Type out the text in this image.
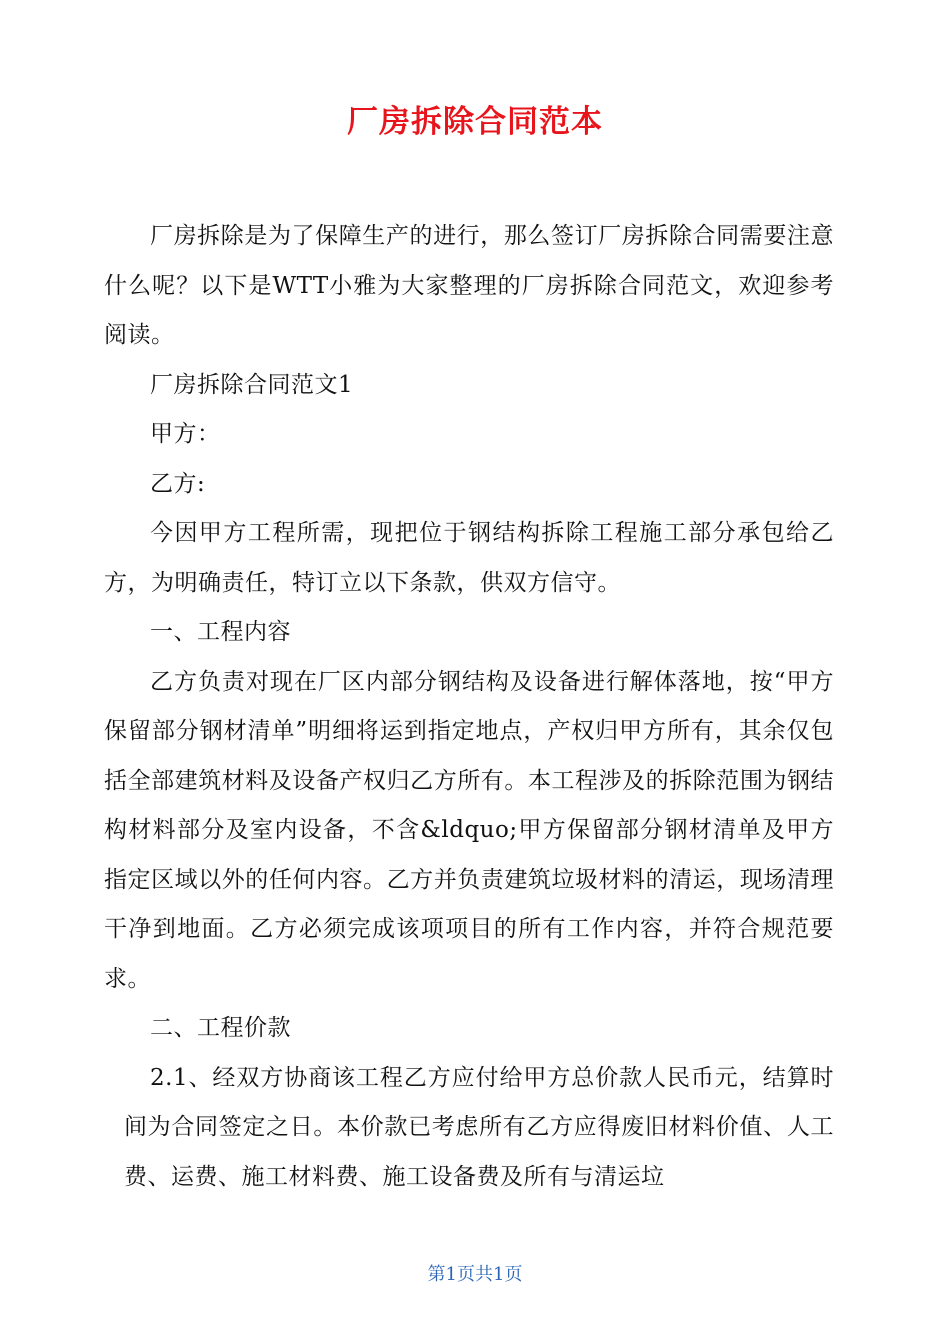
厂房拆除合同范本

厂房拆除是为了保障生产的进行，那么签订厂房拆除合同需要注意什么呢？以下是WTT小雅为大家整理的厂房拆除合同范文，欢迎参考阅读。

厂房拆除合同范文1

甲方：

乙方:

今因甲方工程所需，现把位于钢结构拆除工程施工部分承包给乙方，为明确责任，特订立以下条款，供双方信守。

一、工程内容

乙方负责对现在厂区内部分钢结构及设备进行解体落地，按“甲方保留部分钢材清单”明细将运到指定地点，产权归甲方所有，其余仅包括全部建筑材料及设备产权归乙方所有。本工程涉及的拆除范围为钢结构材料部分及室内设备，不含&ldquo;甲方保留部分钢材清单及甲方指定区域以外的任何内容。乙方并负责建筑垃圾材料的清运，现场清理干净到地面。乙方必须完成该项项目的所有工作内容，并符合规范要求。

二、工程价款

2.1、经双方协商该工程乙方应付给甲方总价款人民币元，结算时间为合同签定之日。本价款已考虑所有乙方应得废旧材料价值、人工费、运费、施工材料费、施工设备费及所有与清运垃

第1页共1页
